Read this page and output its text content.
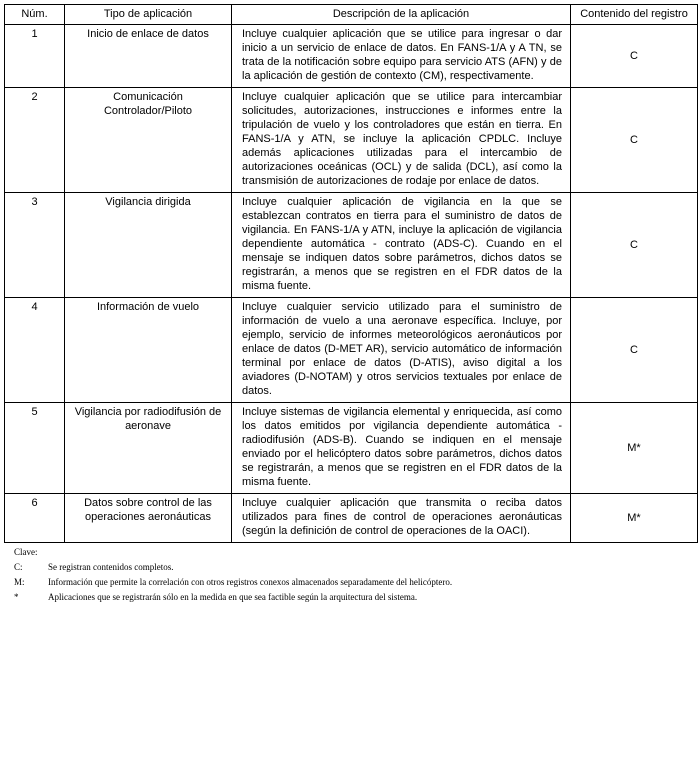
Núm.	Tipo de aplicación	Descripción de la aplicación	Contenido del registro
1	Inicio de enlace de datos	Incluye cualquier aplicación que se utilice para ingresar o dar inicio a un servicio de enlace de datos. En FANS-1/A y A TN, se trata de la notificación sobre equipo para servicio ATS (AFN) y de la aplicación de gestión de contexto (CM), respectivamente.	C
2	Comunicación Controlador/Piloto	Incluye cualquier aplicación que se utilice para intercambiar solicitudes, autorizaciones, instrucciones e informes entre la tripulación de vuelo y los controladores que están en tierra. En FANS-1/A y ATN, se incluye la aplicación CPDLC. Incluye además aplicaciones utilizadas para el intercambio de autorizaciones oceánicas (OCL) y de salida (DCL), así como la transmisión de autorizaciones de rodaje por enlace de datos.	C
3	Vigilancia dirigida	Incluye cualquier aplicación de vigilancia en la que se establezcan contratos en tierra para el suministro de datos de vigilancia. En FANS-1/A y ATN, incluye la aplicación de vigilancia dependiente automática - contrato (ADS-C). Cuando en el mensaje se indiquen datos sobre parámetros, dichos datos se registrarán, a menos que se registren en el FDR datos de la misma fuente.	C
4	Información de vuelo	Incluye cualquier servicio utilizado para el suministro de información de vuelo a una aeronave específica. Incluye, por ejemplo, servicio de informes meteorológicos aeronáuticos por enlace de datos (D-MET AR), servicio automático de información terminal por enlace de datos (D-ATIS), aviso digital a los aviadores (D-NOTAM) y otros servicios textuales por enlace de datos.	C
5	Vigilancia por radiodifusión de aeronave	Incluye sistemas de vigilancia elemental y enriquecida, así como los datos emitidos por vigilancia dependiente automática - radiodifusión (ADS-B). Cuando se indiquen en el mensaje enviado por el helicóptero datos sobre parámetros, dichos datos se registrarán, a menos que se registren en el FDR datos de la misma fuente.	M*
6	Datos sobre control de las operaciones aeronáuticas	Incluye cualquier aplicación que transmita o reciba datos utilizados para fines de control de operaciones aeronáuticas (según la definición de control de operaciones de la OACI).	M*
Clave:
C:	Se registran contenidos completos.
M:	Información que permite la correlación con otros registros conexos almacenados separadamente del helicóptero.
*	Aplicaciones que se registrarán sólo en la medida en que sea factible según la arquitectura del sistema.
